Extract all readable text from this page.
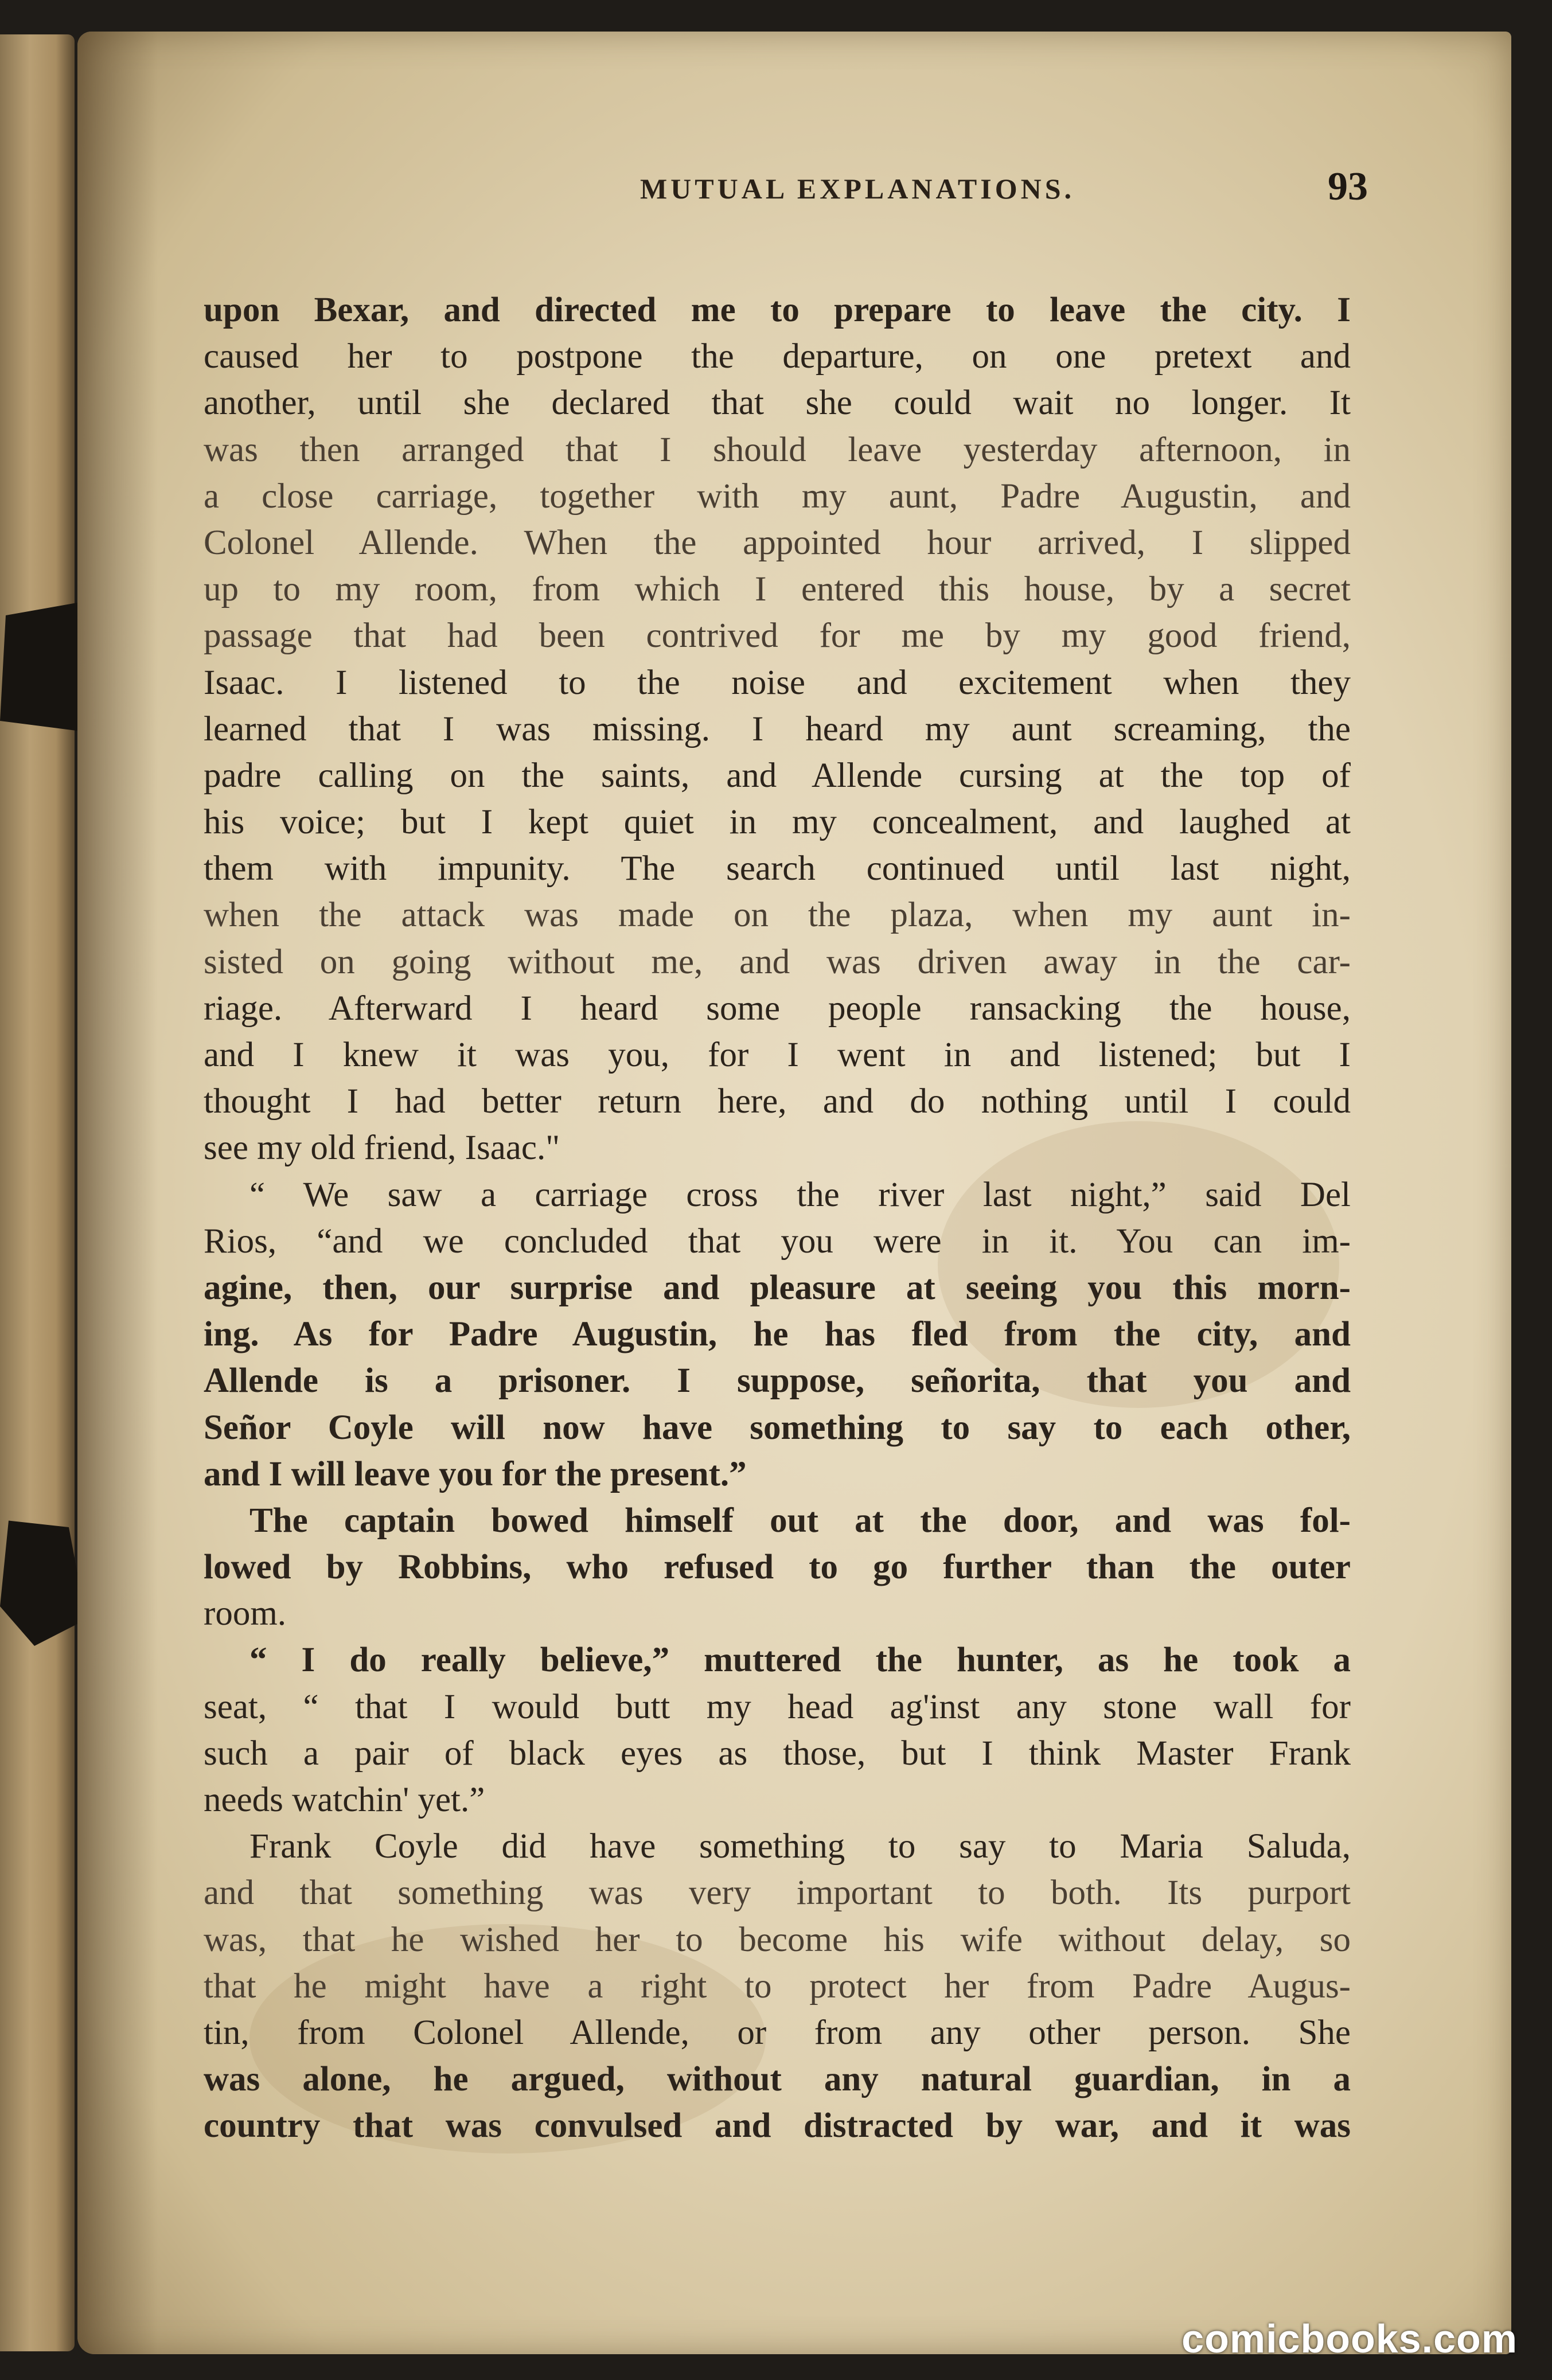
MUTUAL EXPLANATIONS.	93
upon Bexar, and directed me to prepare to leave the city. I
caused her to postpone the departure, on one pretext and
another, until she declared that she could wait no longer. It
was then arranged that I should leave yesterday afternoon, in
a close carriage, together with my aunt, Padre Augustin, and
Colonel Allende. When the appointed hour arrived, I slipped
up to my room, from which I entered this house, by a secret
passage that had been contrived for me by my good friend,
Isaac. I listened to the noise and excitement when they
learned that I was missing. I heard my aunt screaming, the
padre calling on the saints, and Allende cursing at the top of
his voice; but I kept quiet in my concealment, and laughed at
them with impunity. The search continued until last night,
when the attack was made on the plaza, when my aunt in-
sisted on going without me, and was driven away in the car-
riage. Afterward I heard some people ransacking the house,
and I knew it was you, for I went in and listened; but I
thought I had better return here, and do nothing until I could
see my old friend, Isaac."
“ We saw a carriage cross the river last night,” said Del
Rios, “and we concluded that you were in it. You can im-
agine, then, our surprise and pleasure at seeing you this morn-
ing. As for Padre Augustin, he has fled from the city, and
Allende is a prisoner. I suppose, señorita, that you and
Señor Coyle will now have something to say to each other,
and I will leave you for the present.”
The captain bowed himself out at the door, and was fol-
lowed by Robbins, who refused to go further than the outer
room.
“ I do really believe,” muttered the hunter, as he took a
seat, “ that I would butt my head ag'inst any stone wall for
such a pair of black eyes as those, but I think Master Frank
needs watchin' yet.”
Frank Coyle did have something to say to Maria Saluda,
and that something was very important to both. Its purport
was, that he wished her to become his wife without delay, so
that he might have a right to protect her from Padre Augus-
tin, from Colonel Allende, or from any other person. She
was alone, he argued, without any natural guardian, in a
country that was convulsed and distracted by war, and it was
comicbooks.com
